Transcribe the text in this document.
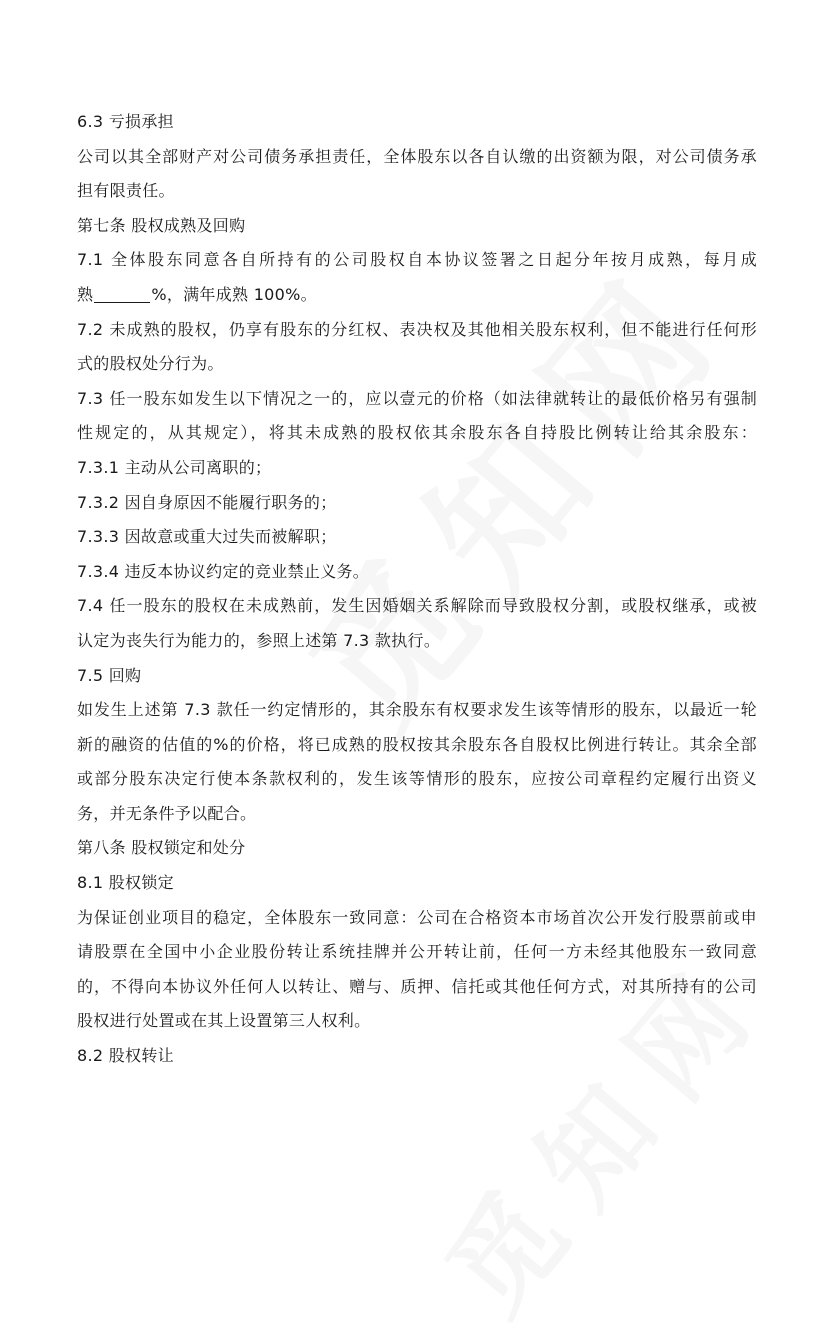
6.3 亏损承担
公司以其全部财产对公司债务承担责任，全体股东以各自认缴的出资额为限，对公司债务承
担有限责任。
第七条 股权成熟及回购
7.1 全体股东同意各自所持有的公司股权自本协议签署之日起分年按月成熟，每月成
熟	%，满年成熟 100%。
7.2 未成熟的股权，仍享有股东的分红权、表决权及其他相关股东权利，但不能进行任何形
式的股权处分行为。
7.3 任一股东如发生以下情况之一的，应以壹元的价格（如法律就转让的最低价格另有强制
性规定的，从其规定），将其未成熟的股权依其余股东各自持股比例转让给其余股东：
7.3.1 主动从公司离职的；
7.3.2 因自身原因不能履行职务的；
7.3.3 因故意或重大过失而被解职；
7.3.4 违反本协议约定的竞业禁止义务。
7.4 任一股东的股权在未成熟前，发生因婚姻关系解除而导致股权分割，或股权继承，或被
认定为丧失行为能力的，参照上述第 7.3 款执行。
7.5 回购
如发生上述第 7.3 款任一约定情形的，其余股东有权要求发生该等情形的股东，以最近一轮
新的融资的估值的%的价格，将已成熟的股权按其余股东各自股权比例进行转让。其余全部
或部分股东决定行使本条款权利的，发生该等情形的股东，应按公司章程约定履行出资义
务，并无条件予以配合。
第八条 股权锁定和处分
8.1 股权锁定
为保证创业项目的稳定，全体股东一致同意：公司在合格资本市场首次公开发行股票前或申
请股票在全国中小企业股份转让系统挂牌并公开转让前，任何一方未经其他股东一致同意
的，不得向本协议外任何人以转让、赠与、质押、信托或其他任何方式，对其所持有的公司
股权进行处置或在其上设置第三人权利。
8.2 股权转让
